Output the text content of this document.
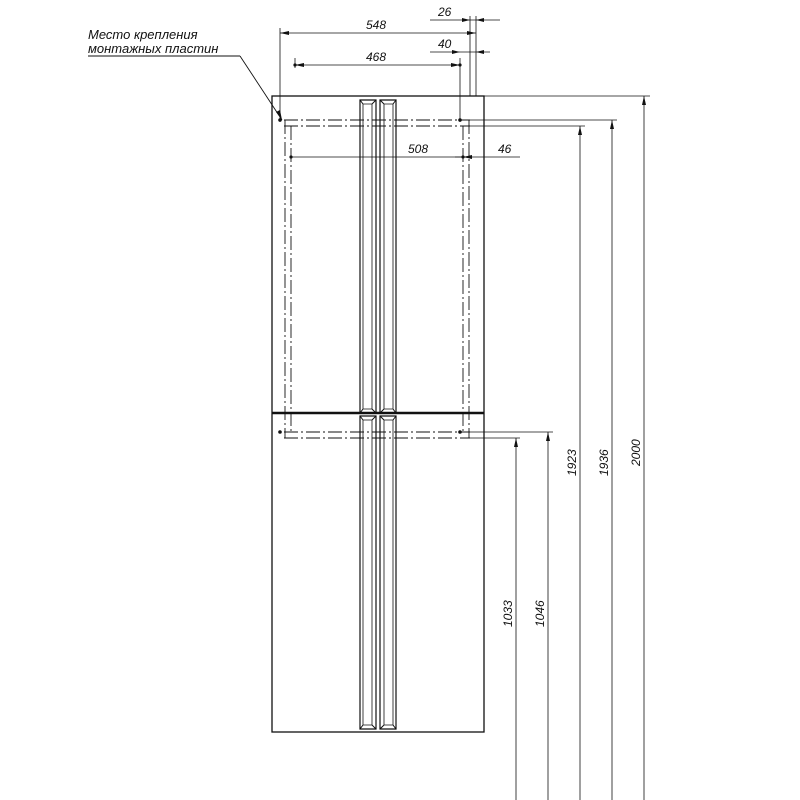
Место крепления
монтажных пластин
548
26
468
40
508	46
2000
1936
1923
1046
1033
